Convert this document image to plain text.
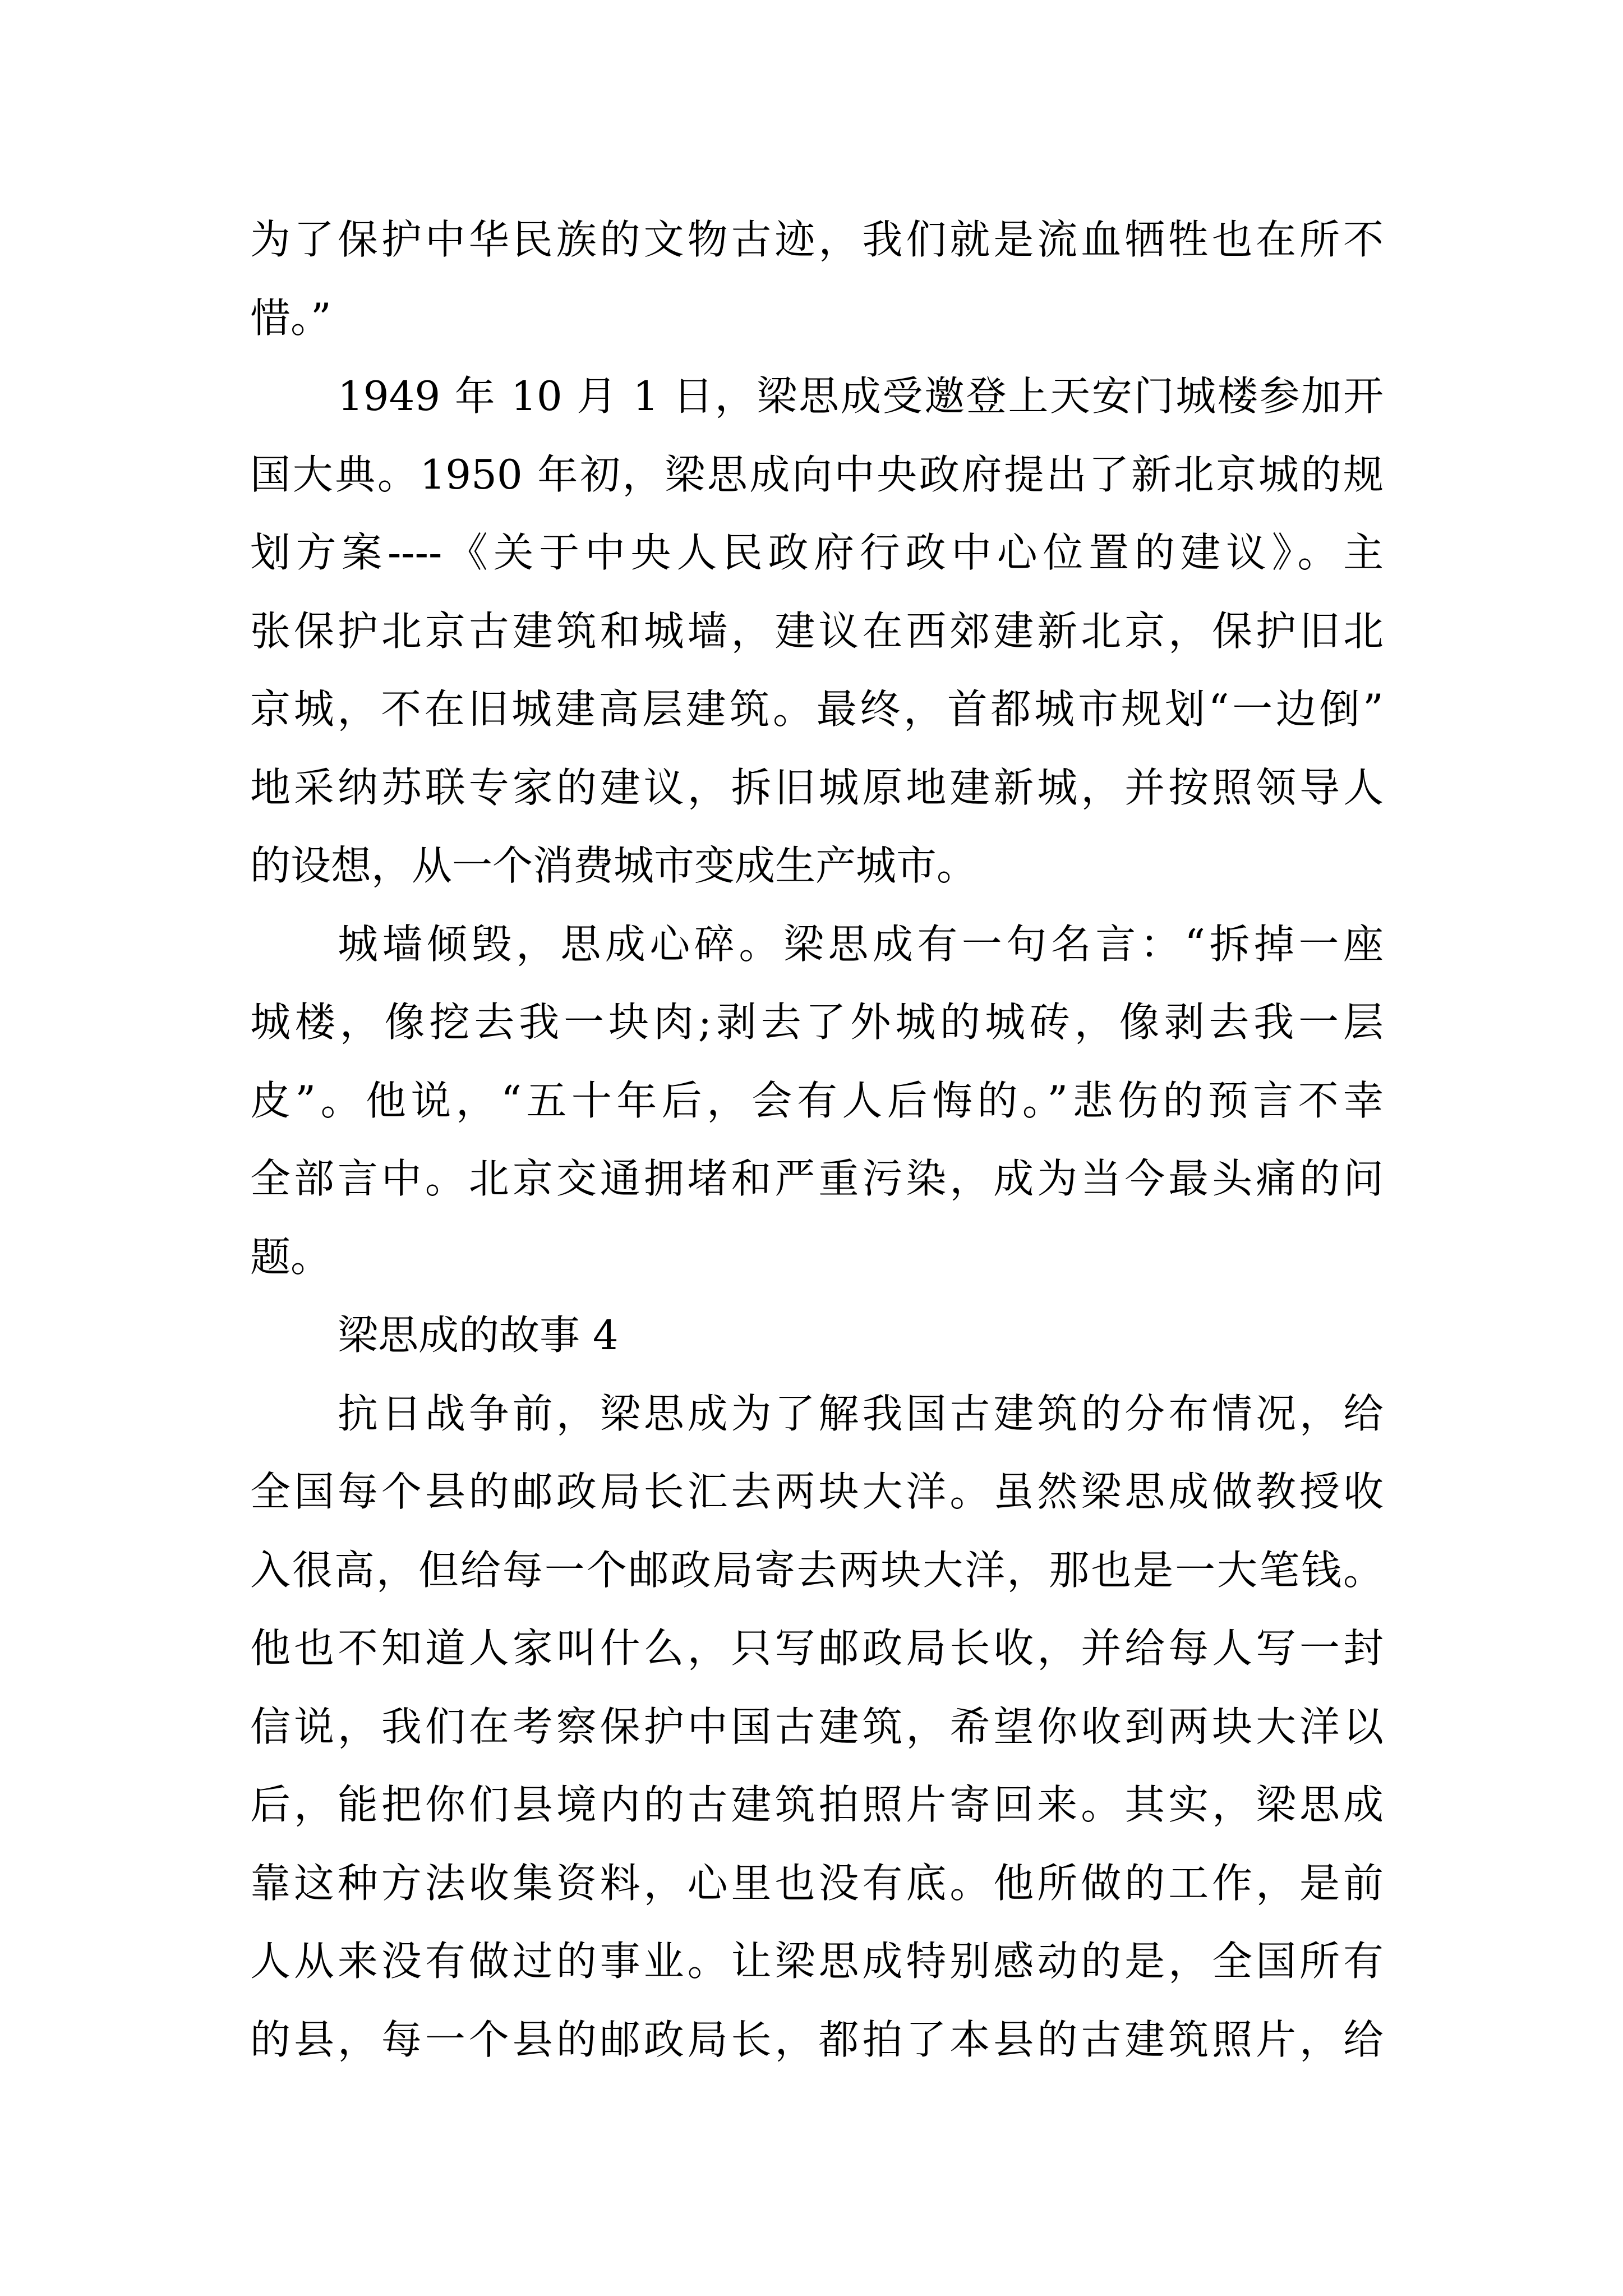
为了保护中华民族的文物古迹，我们就是流血牺牲也在所不
惜。”
1949 年 10 月 1 日，梁思成受邀登上天安门城楼参加开
国大典。1950 年初，梁思成向中央政府提出了新北京城的规
划方案----《关于中央人民政府行政中心位置的建议》。主
张保护北京古建筑和城墙，建议在西郊建新北京，保护旧北
京城，不在旧城建高层建筑。最终，首都城市规划“一边倒”
地采纳苏联专家的建议，拆旧城原地建新城，并按照领导人
的设想，从一个消费城市变成生产城市。
城墙倾毁，思成心碎。梁思成有一句名言：“拆掉一座
城楼，像挖去我一块肉;剥去了外城的城砖，像剥去我一层
皮”。他说，“五十年后，会有人后悔的。”悲伤的预言不幸
全部言中。北京交通拥堵和严重污染，成为当今最头痛的问
题。
梁思成的故事 4
抗日战争前，梁思成为了解我国古建筑的分布情况，给
全国每个县的邮政局长汇去两块大洋。虽然梁思成做教授收
入很高，但给每一个邮政局寄去两块大洋，那也是一大笔钱。
他也不知道人家叫什么，只写邮政局长收，并给每人写一封
信说，我们在考察保护中国古建筑，希望你收到两块大洋以
后，能把你们县境内的古建筑拍照片寄回来。其实，梁思成
靠这种方法收集资料，心里也没有底。他所做的工作，是前
人从来没有做过的事业。让梁思成特别感动的是，全国所有
的县，每一个县的邮政局长，都拍了本县的古建筑照片，给
